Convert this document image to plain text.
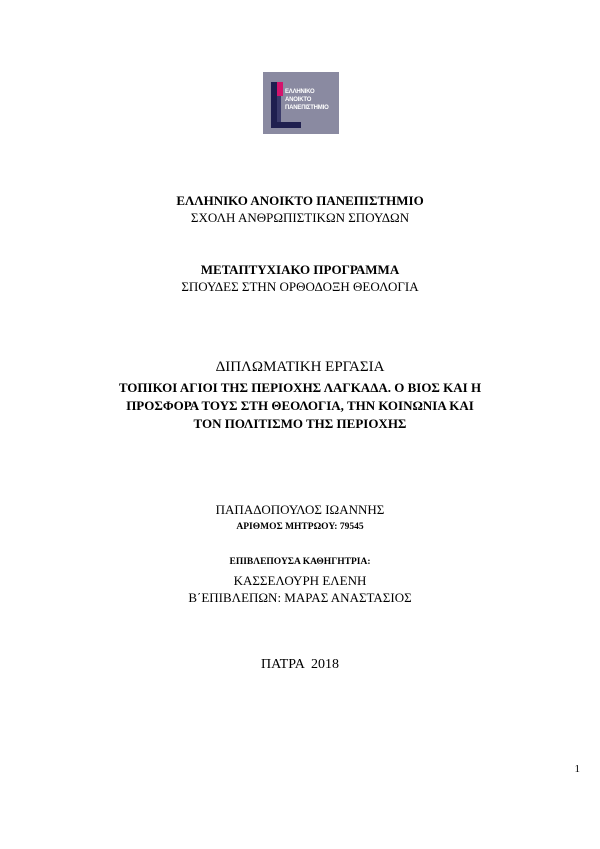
ΕΛΛΗΝΙΚΟ
ΑΝΟΙΚΤΟ
ΠΑΝΕΠΙΣΤΗΜΙΟ
ΕΛΛΗΝΙΚΟ ΑΝΟΙΚΤΟ ΠΑΝΕΠΙΣΤΗΜΙΟ
ΣΧΟΛΗ ΑΝΘΡΩΠΙΣΤΙΚΩΝ ΣΠΟΥΔΩΝ
ΜΕΤΑΠΤΥΧΙΑΚΟ ΠΡΟΓΡΑΜΜΑ
ΣΠΟΥΔΕΣ ΣΤΗΝ ΟΡΘΟΔΟΞΗ ΘΕΟΛΟΓΙΑ
ΔΙΠΛΩΜΑΤΙΚΗ ΕΡΓΑΣΙΑ
ΤΟΠΙΚΟΙ ΑΓΙΟΙ ΤΗΣ ΠΕΡΙΟΧΗΣ ΛΑΓΚΑΔΑ. Ο ΒΙΟΣ ΚΑΙ Η
ΠΡΟΣΦΟΡΑ ΤΟΥΣ ΣΤΗ ΘΕΟΛΟΓΙΑ, ΤΗΝ ΚΟΙΝΩΝΙΑ ΚΑΙ
ΤΟΝ ΠΟΛΙΤΙΣΜΟ ΤΗΣ ΠΕΡΙΟΧΗΣ
ΠΑΠΑΔΟΠΟΥΛΟΣ ΙΩΑΝΝΗΣ
ΑΡΙΘΜΟΣ ΜΗΤΡΩΟΥ: 79545
ΕΠΙΒΛΕΠΟΥΣΑ ΚΑΘΗΓΗΤΡΙΑ:
ΚΑΣΣΕΛΟΥΡΗ ΕΛΕΝΗ
Β΄ΕΠΙΒΛΕΠΩΝ: ΜΑΡΑΣ ΑΝΑΣΤΑΣΙΟΣ
ΠΑΤΡΑ  2018
1
